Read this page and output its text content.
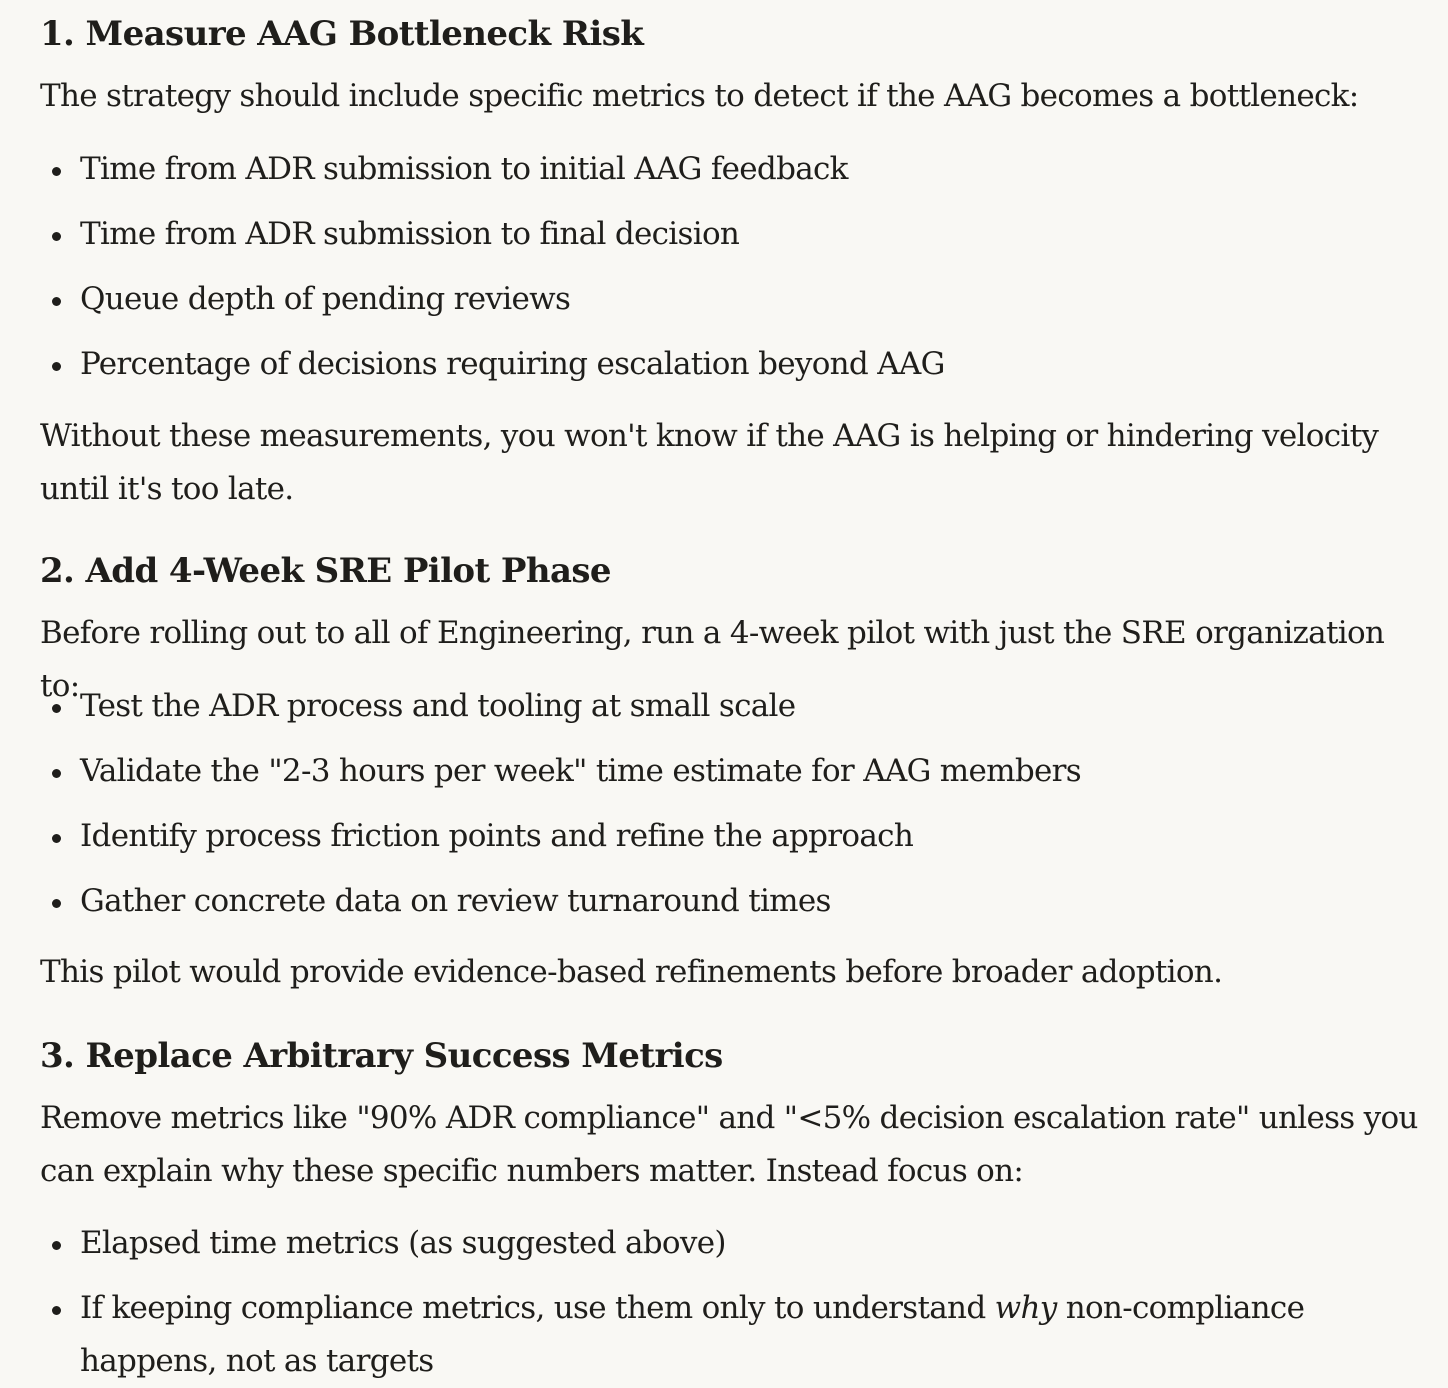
1. Measure AAG Bottleneck Risk

The strategy should include specific metrics to detect if the AAG becomes a bottleneck:

Time from ADR submission to initial AAG feedback
Time from ADR submission to final decision
Queue depth of pending reviews
Percentage of decisions requiring escalation beyond AAG

Without these measurements, you won't know if the AAG is helping or hindering velocity
until it's too late.

2. Add 4-Week SRE Pilot Phase

Before rolling out to all of Engineering, run a 4-week pilot with just the SRE organization to:

Test the ADR process and tooling at small scale
Validate the "2-3 hours per week" time estimate for AAG members
Identify process friction points and refine the approach
Gather concrete data on review turnaround times

This pilot would provide evidence-based refinements before broader adoption.

3. Replace Arbitrary Success Metrics

Remove metrics like "90% ADR compliance" and "<5% decision escalation rate" unless you
can explain why these specific numbers matter. Instead focus on:

Elapsed time metrics (as suggested above)
If keeping compliance metrics, use them only to understand why non-compliance
happens, not as targets
